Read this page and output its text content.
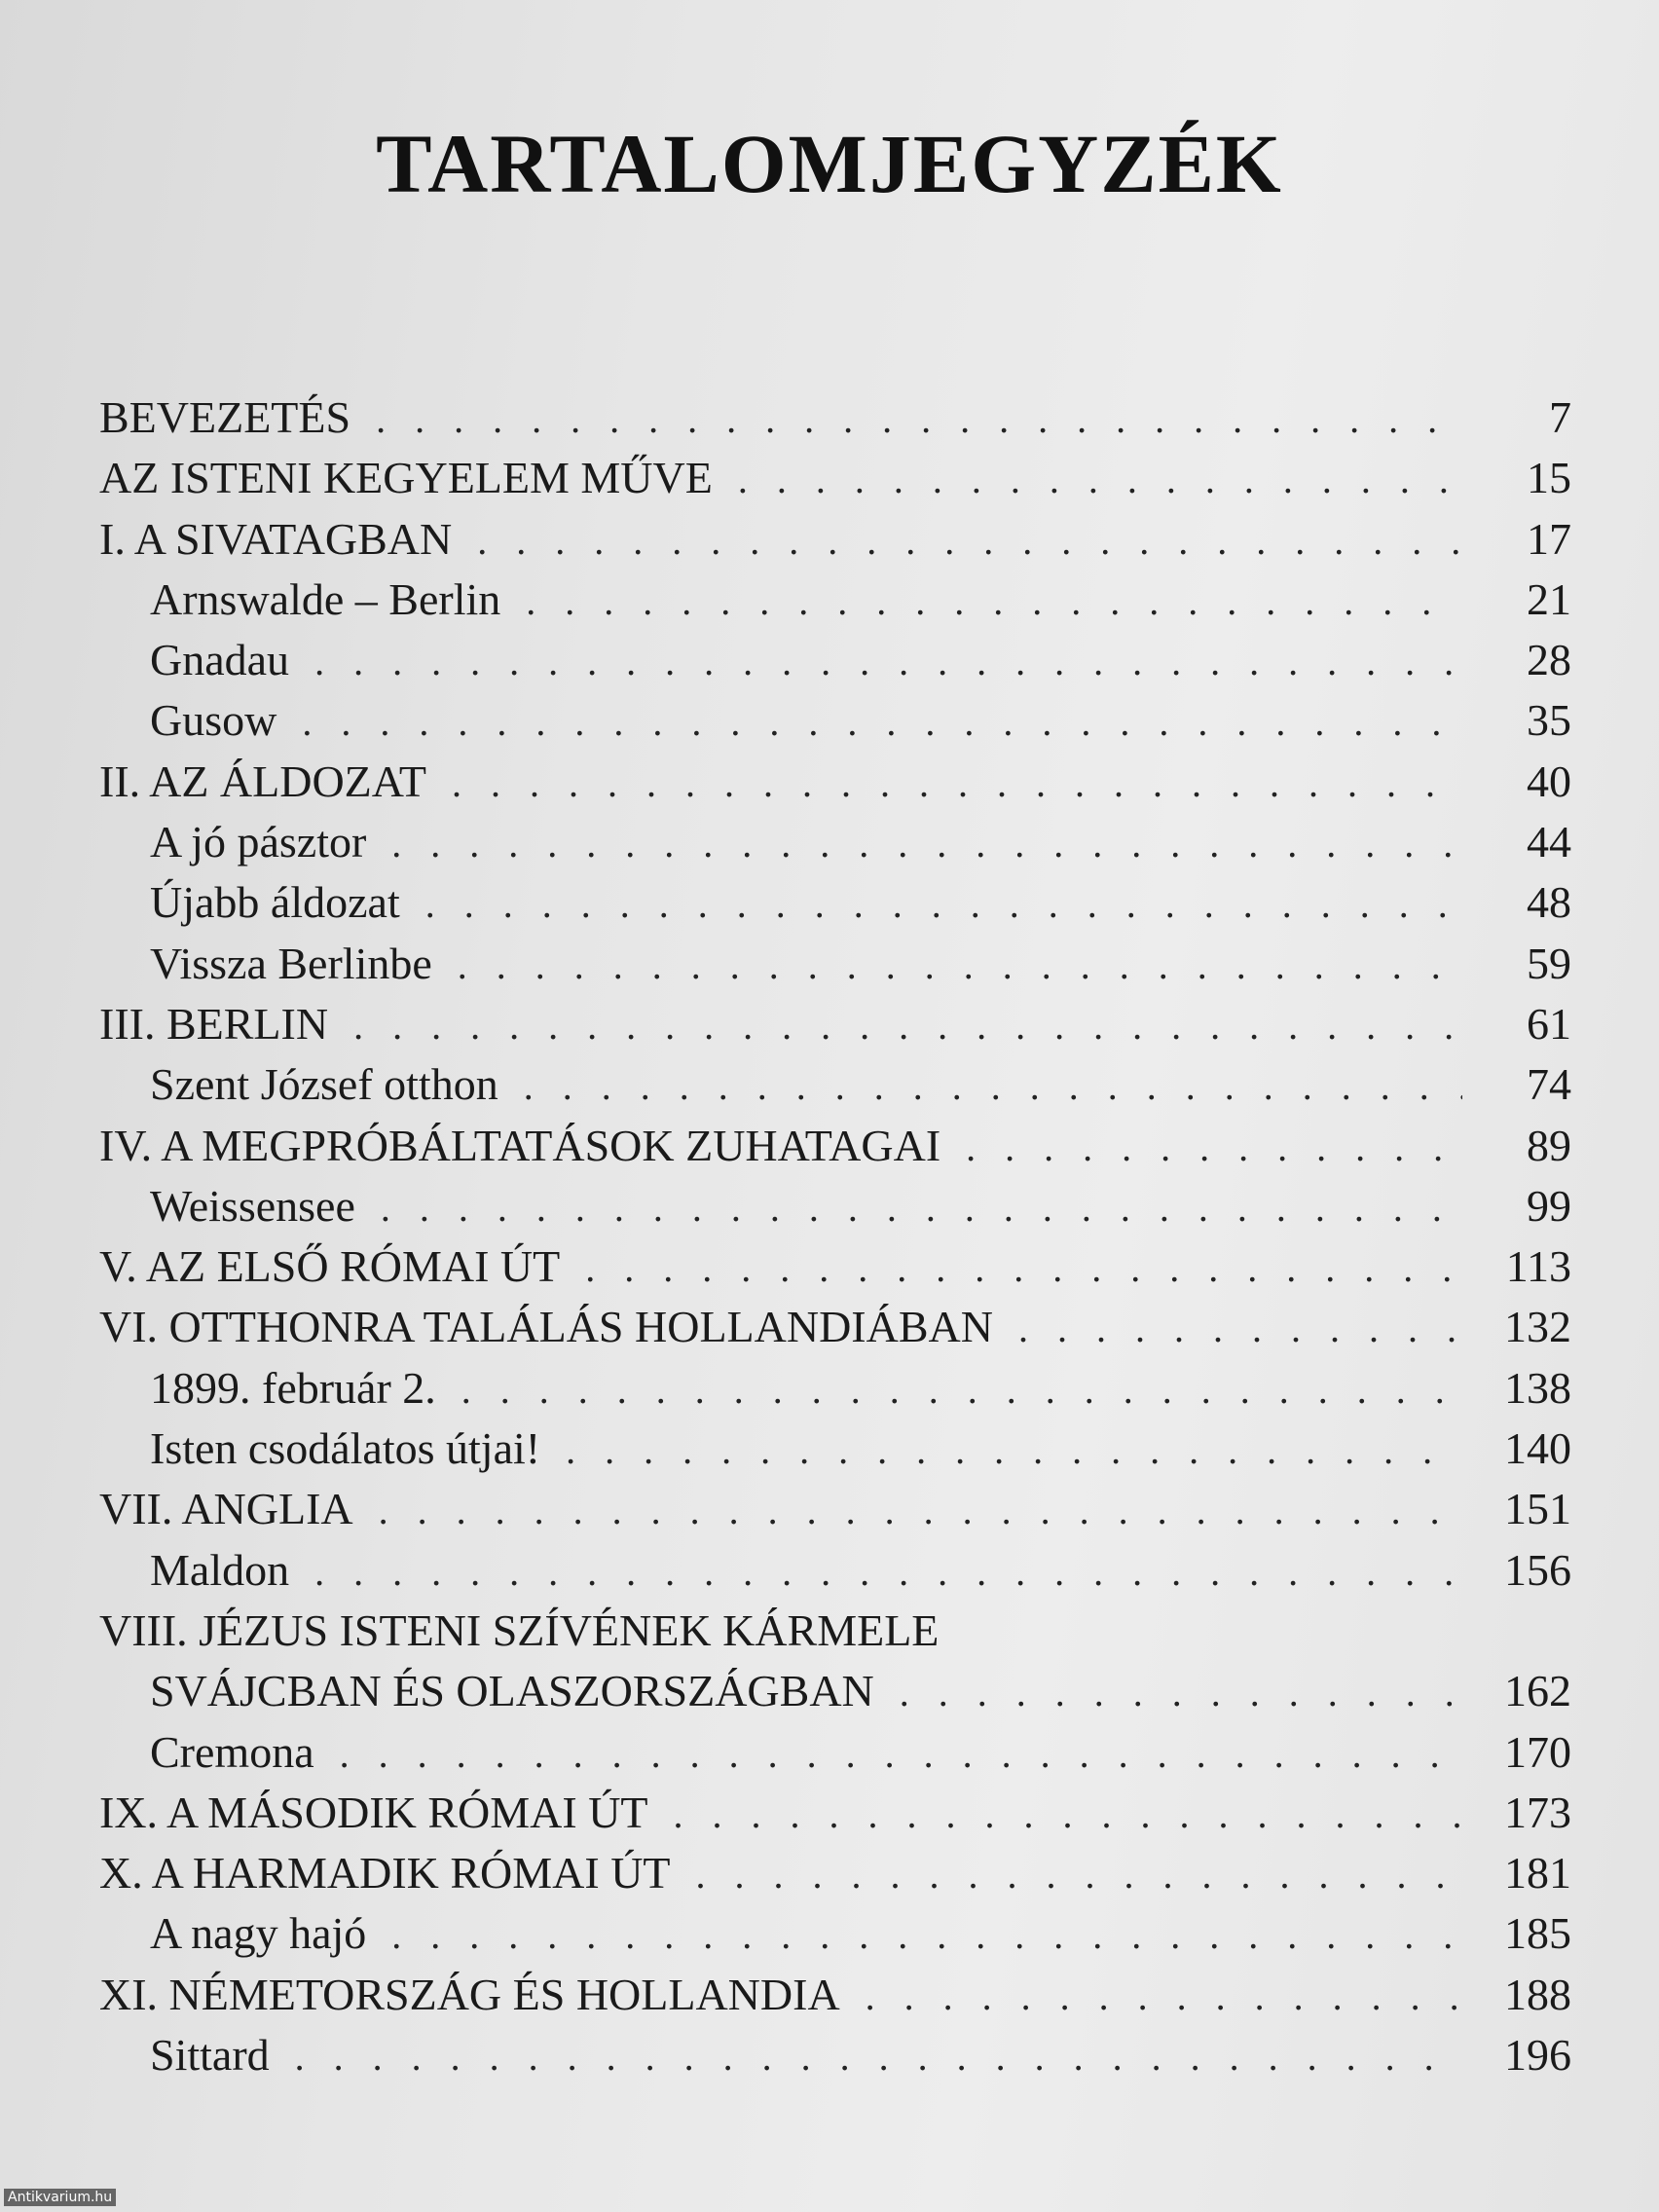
TARTALOMJEGYZÉK
BEVEZETÉS . . .	7
AZ ISTENI KEGYELEM MŰVE . . .	15
I. A SIVATAGBAN . . .	17
Arnswalde – Berlin . . .	21
Gnadau . . .	28
Gusow . . .	35
II. AZ ÁLDOZAT . . .	40
A jó pásztor . . .	44
Újabb áldozat . . .	48
Vissza Berlinbe . . .	59
III. BERLIN . . .	61
Szent József otthon . . .	74
IV. A MEGPRÓBÁLTATÁSOK ZUHATAGAI . . .	89
Weissensee . . .	99
V. AZ ELSŐ RÓMAI ÚT . . .	113
VI. OTTHONRA TALÁLÁS HOLLANDIÁBAN . . .	132
1899. február 2. . . .	138
Isten csodálatos útjai! . . .	140
VII. ANGLIA . . .	151
Maldon . . .	156
VIII. JÉZUS ISTENI SZÍVÉNEK KÁRMELE
SVÁJCBAN ÉS OLASZORSZÁGBAN . . .	162
Cremona . . .	170
IX. A MÁSODIK RÓMAI ÚT . . .	173
X. A HARMADIK RÓMAI ÚT . . .	181
A nagy hajó . . .	185
XI. NÉMETORSZÁG ÉS HOLLANDIA . . .	188
Sittard . . .	196
Antikvarium.hu
